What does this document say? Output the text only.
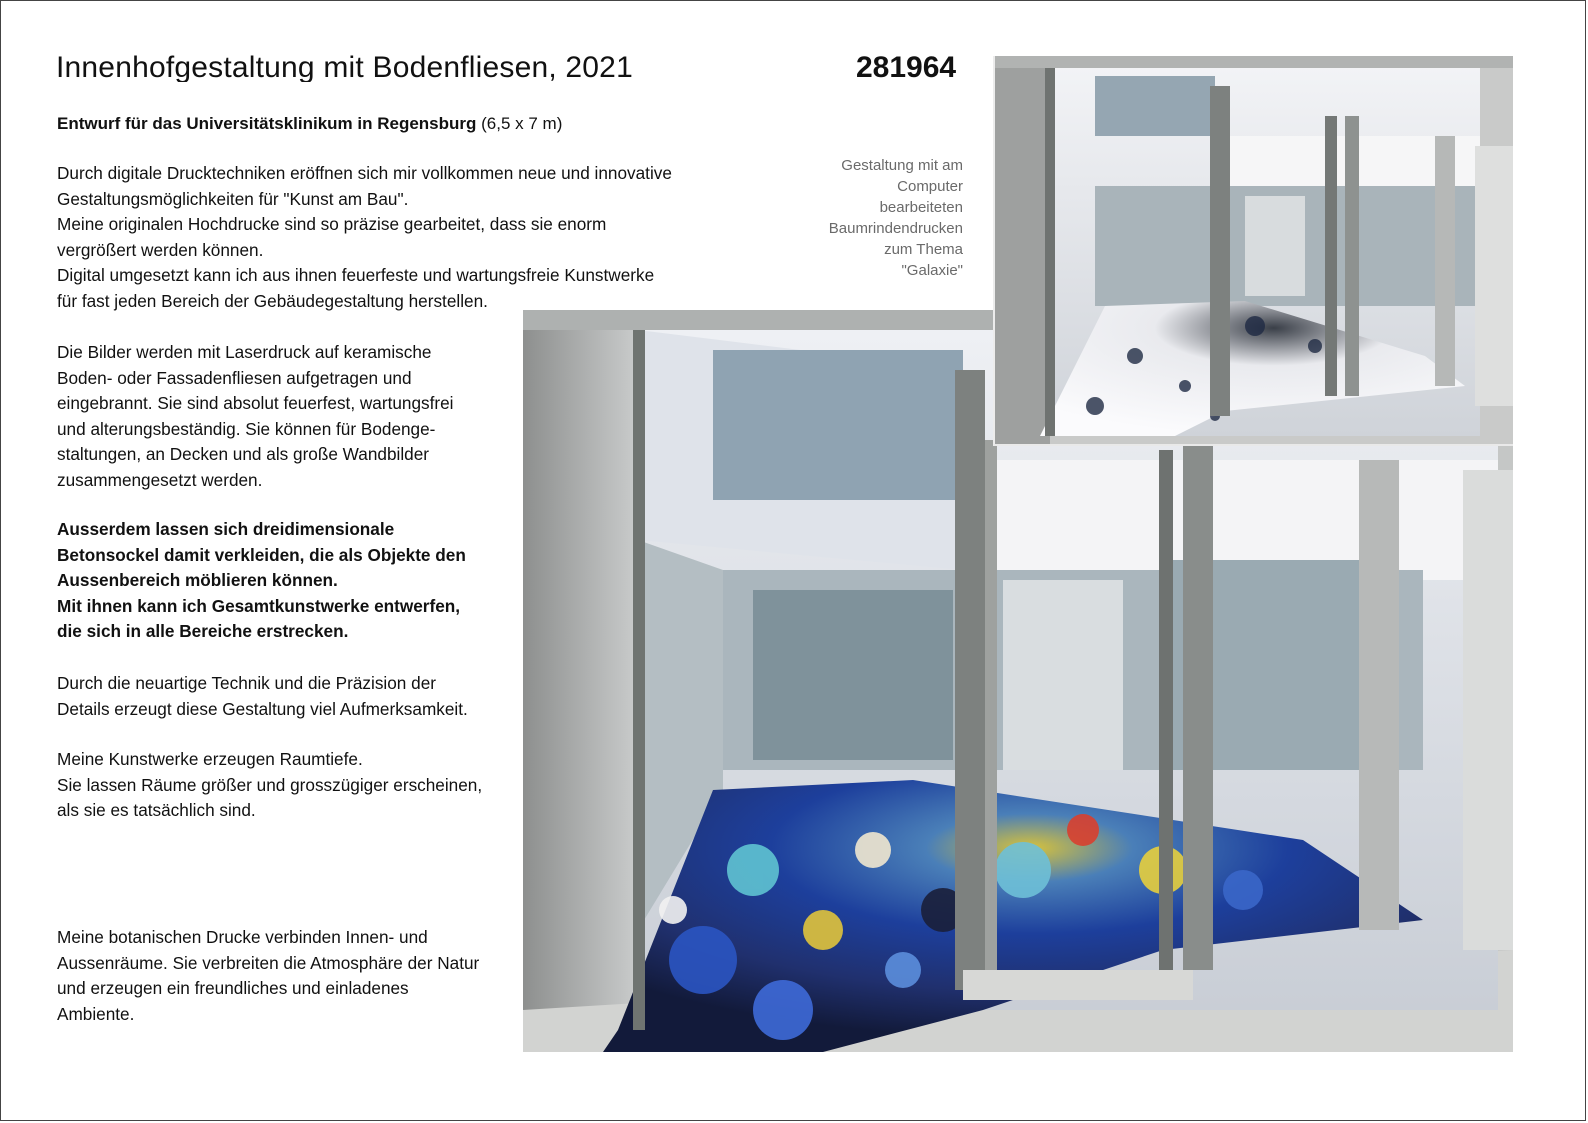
Innenhofgestaltung mit Bodenfliesen, 2021	281964
Entwurf für das Universitätsklinikum in Regensburg (6,5 x 7 m)
Durch digitale Drucktechniken eröffnen sich mir vollkommen neue und innovative
Gestaltungsmöglichkeiten für "Kunst am Bau".
Meine originalen Hochdrucke sind so präzise gearbeitet, dass sie enorm
vergrößert werden können.
Digital umgesetzt kann ich aus ihnen feuerfeste und wartungsfreie Kunstwerke
für fast jeden Bereich der Gebäudegestaltung herstellen.
Die Bilder werden mit Laserdruck auf keramische
Boden- oder Fassadenfliesen aufgetragen und
eingebrannt. Sie sind absolut feuerfest, wartungsfrei
und alterungsbeständig. Sie können für Bodenge-
staltungen, an Decken und als große Wandbilder
zusammengesetzt werden.
Ausserdem lassen sich dreidimensionale
Betonsockel damit verkleiden, die als Objekte den
Aussenbereich möblieren können.
Mit ihnen kann ich Gesamtkunstwerke entwerfen,
die sich in alle Bereiche erstrecken.
Durch die neuartige Technik und die Präzision der
Details erzeugt diese Gestaltung viel Aufmerksamkeit.
Meine Kunstwerke erzeugen Raumtiefe.
Sie lassen Räume größer und grosszügiger erscheinen,
als sie es tatsächlich sind.
Meine botanischen Drucke verbinden Innen- und
Aussenräume. Sie verbreiten die Atmosphäre der Natur
und erzeugen ein freundliches und einladenes
Ambiente.
Gestaltung mit am
Computer
bearbeiteten
Baumrindendrucken
zum Thema
"Galaxie"
